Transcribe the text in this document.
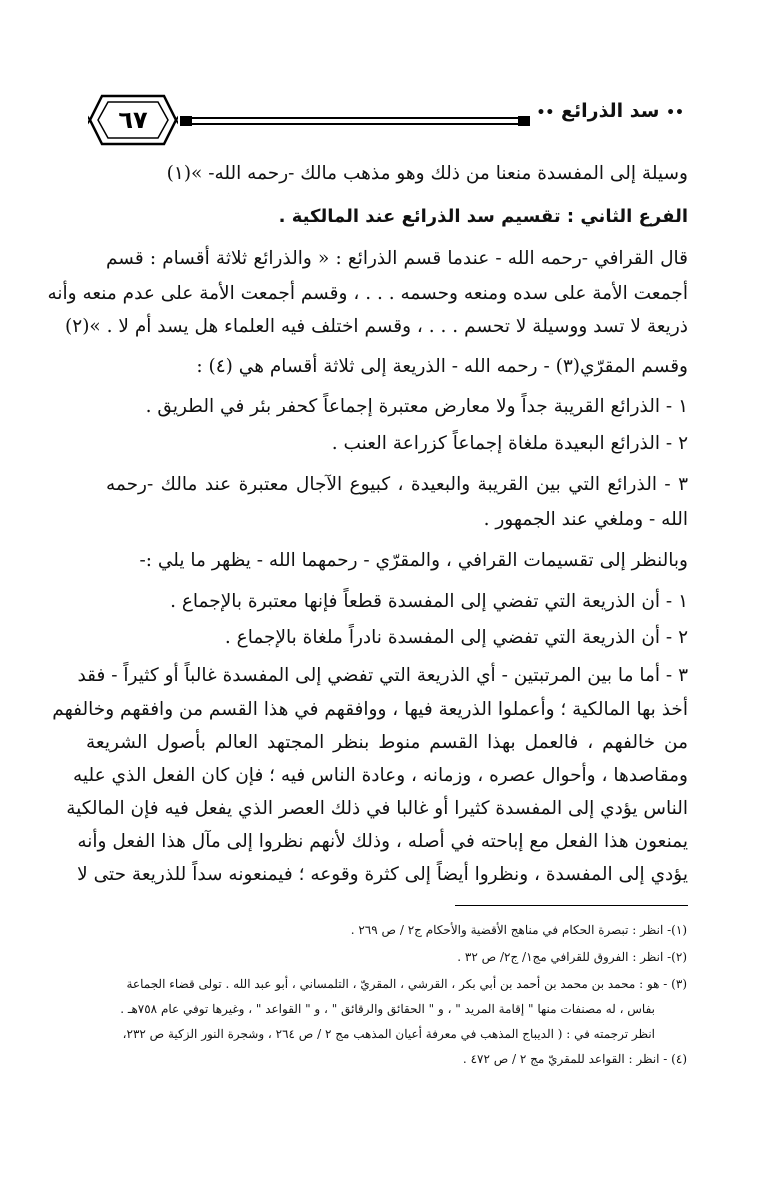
٦٧	•• سد الذرائع ••
وسيلة إلى المفسدة منعنا من ذلك وهو مذهب مالك -رحمه الله- »(١)
الفرع الثاني : تقسيم سد الذرائع عند المالكية .
قال القرافي -رحمه الله - عندما قسم الذرائع : « والذرائع ثلاثة أقسام : قسم
أجمعت الأمة على سده ومنعه وحسمه . . . ، وقسم أجمعت الأمة على عدم منعه وأنه
ذريعة لا تسد ووسيلة لا تحسم . . . ، وقسم اختلف فيه العلماء هل يسد أم لا . »(٢)
وقسم المقرّي(٣) - رحمه الله - الذريعة إلى ثلاثة أقسام هي (٤) :
١ - الذرائع القريبة جداً ولا معارض معتبرة إجماعاً كحفر بئر في الطريق .
٢ - الذرائع البعيدة ملغاة إجماعاً كزراعة العنب .
٣ - الذرائع التي بين القريبة والبعيدة ، كبيوع الآجال معتبرة عند مالك -رحمه
الله - وملغي عند الجمهور .
وبالنظر إلى تقسيمات القرافي ، والمقرّي - رحمهما الله - يظهر ما يلي :-
١ - أن الذريعة التي تفضي إلى المفسدة قطعاً فإنها معتبرة بالإجماع .
٢ - أن الذريعة التي تفضي إلى المفسدة نادراً ملغاة بالإجماع .
٣ - أما ما بين المرتبتين - أي الذريعة التي تفضي إلى المفسدة غالباً أو كثيراً - فقد
أخذ بها المالكية ؛ وأعملوا الذريعة فيها ، ووافقهم في هذا القسم من وافقهم وخالفهم
من خالفهم ، فالعمل بهذا القسم منوط بنظر المجتهد العالم بأصول الشريعة
ومقاصدها ، وأحوال عصره ، وزمانه ، وعادة الناس فيه ؛ فإن كان الفعل الذي عليه
الناس يؤدي إلى المفسدة كثيرا أو غالبا في ذلك العصر الذي يفعل فيه فإن المالكية
يمنعون هذا الفعل مع إباحته في أصله ، وذلك لأنهم نظروا إلى مآل هذا الفعل وأنه
يؤدي إلى المفسدة ، ونظروا أيضاً إلى كثرة وقوعه ؛ فيمنعونه سداً للذريعة حتى لا
(١)- انظر : تبصرة الحكام في مناهج الأقضية والأحكام ج٢ / ص ٢٦٩ .
(٢)- انظر : الفروق للقرافي مج١/ ج٢/ ص ٣٢ .
(٣) - هو : محمد بن محمد بن أحمد بن أبي بكر ، القرشي ، المقريّ ، التلمساني ، أبو عبد الله . تولى قضاء الجماعة
بفاس ، له مصنفات منها " إقامة المريد " ، و " الحقائق والرقائق " ، و " القواعد " ، وغيرها توفي عام ٧٥٨هـ .
انظر ترجمته في : ( الديباج المذهب في معرفة أعيان المذهب مج ٢ / ص ٢٦٤ ، وشجرة النور الزكية ص ٢٣٢،
(٤) - انظر : القواعد للمقريّ مج ٢ / ص ٤٧٢ .
